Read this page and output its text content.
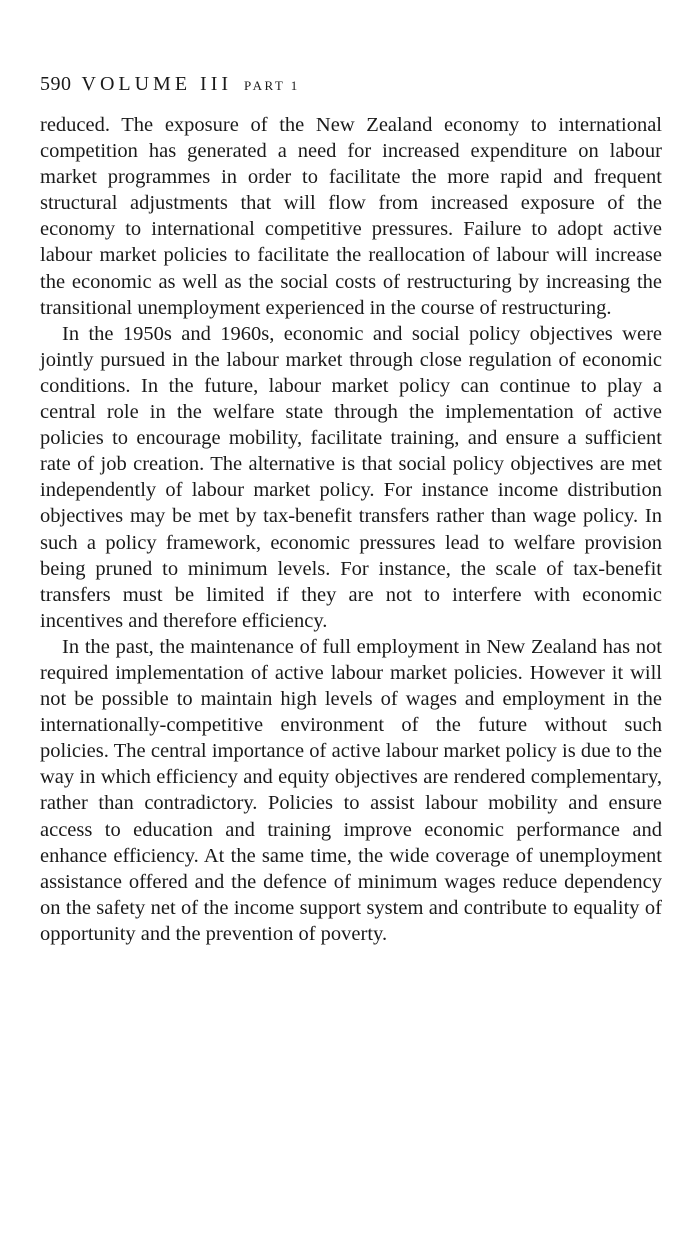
590 VOLUME III PART 1

reduced. The exposure of the New Zealand economy to international competition has generated a need for increased expenditure on labour market programmes in order to facilitate the more rapid and frequent structural adjustments that will flow from increased exposure of the economy to international competitive pressures. Failure to adopt active labour market policies to facilitate the reallocation of labour will increase the economic as well as the social costs of restructuring by increasing the transitional unemployment experienced in the course of restructuring.

In the 1950s and 1960s, economic and social policy objectives were jointly pursued in the labour market through close regulation of economic conditions. In the future, labour market policy can continue to play a central role in the welfare state through the implementation of active policies to encourage mobility, facilitate training, and ensure a sufficient rate of job creation. The alternative is that social policy objectives are met independently of labour market policy. For instance income distribution objectives may be met by tax-benefit transfers rather than wage policy. In such a policy framework, economic pressures lead to welfare provision being pruned to minimum levels. For instance, the scale of tax-benefit transfers must be limited if they are not to interfere with economic incentives and therefore efficiency.

In the past, the maintenance of full employment in New Zealand has not required implementation of active labour market policies. However it will not be possible to maintain high levels of wages and employment in the internationally-competitive environment of the future without such policies. The central importance of active labour market policy is due to the way in which efficiency and equity objectives are rendered complementary, rather than contradictory. Policies to assist labour mobility and ensure access to education and training improve economic performance and enhance efficiency. At the same time, the wide coverage of unemployment assistance offered and the defence of minimum wages reduce dependency on the safety net of the income support system and contribute to equality of opportunity and the prevention of poverty.
